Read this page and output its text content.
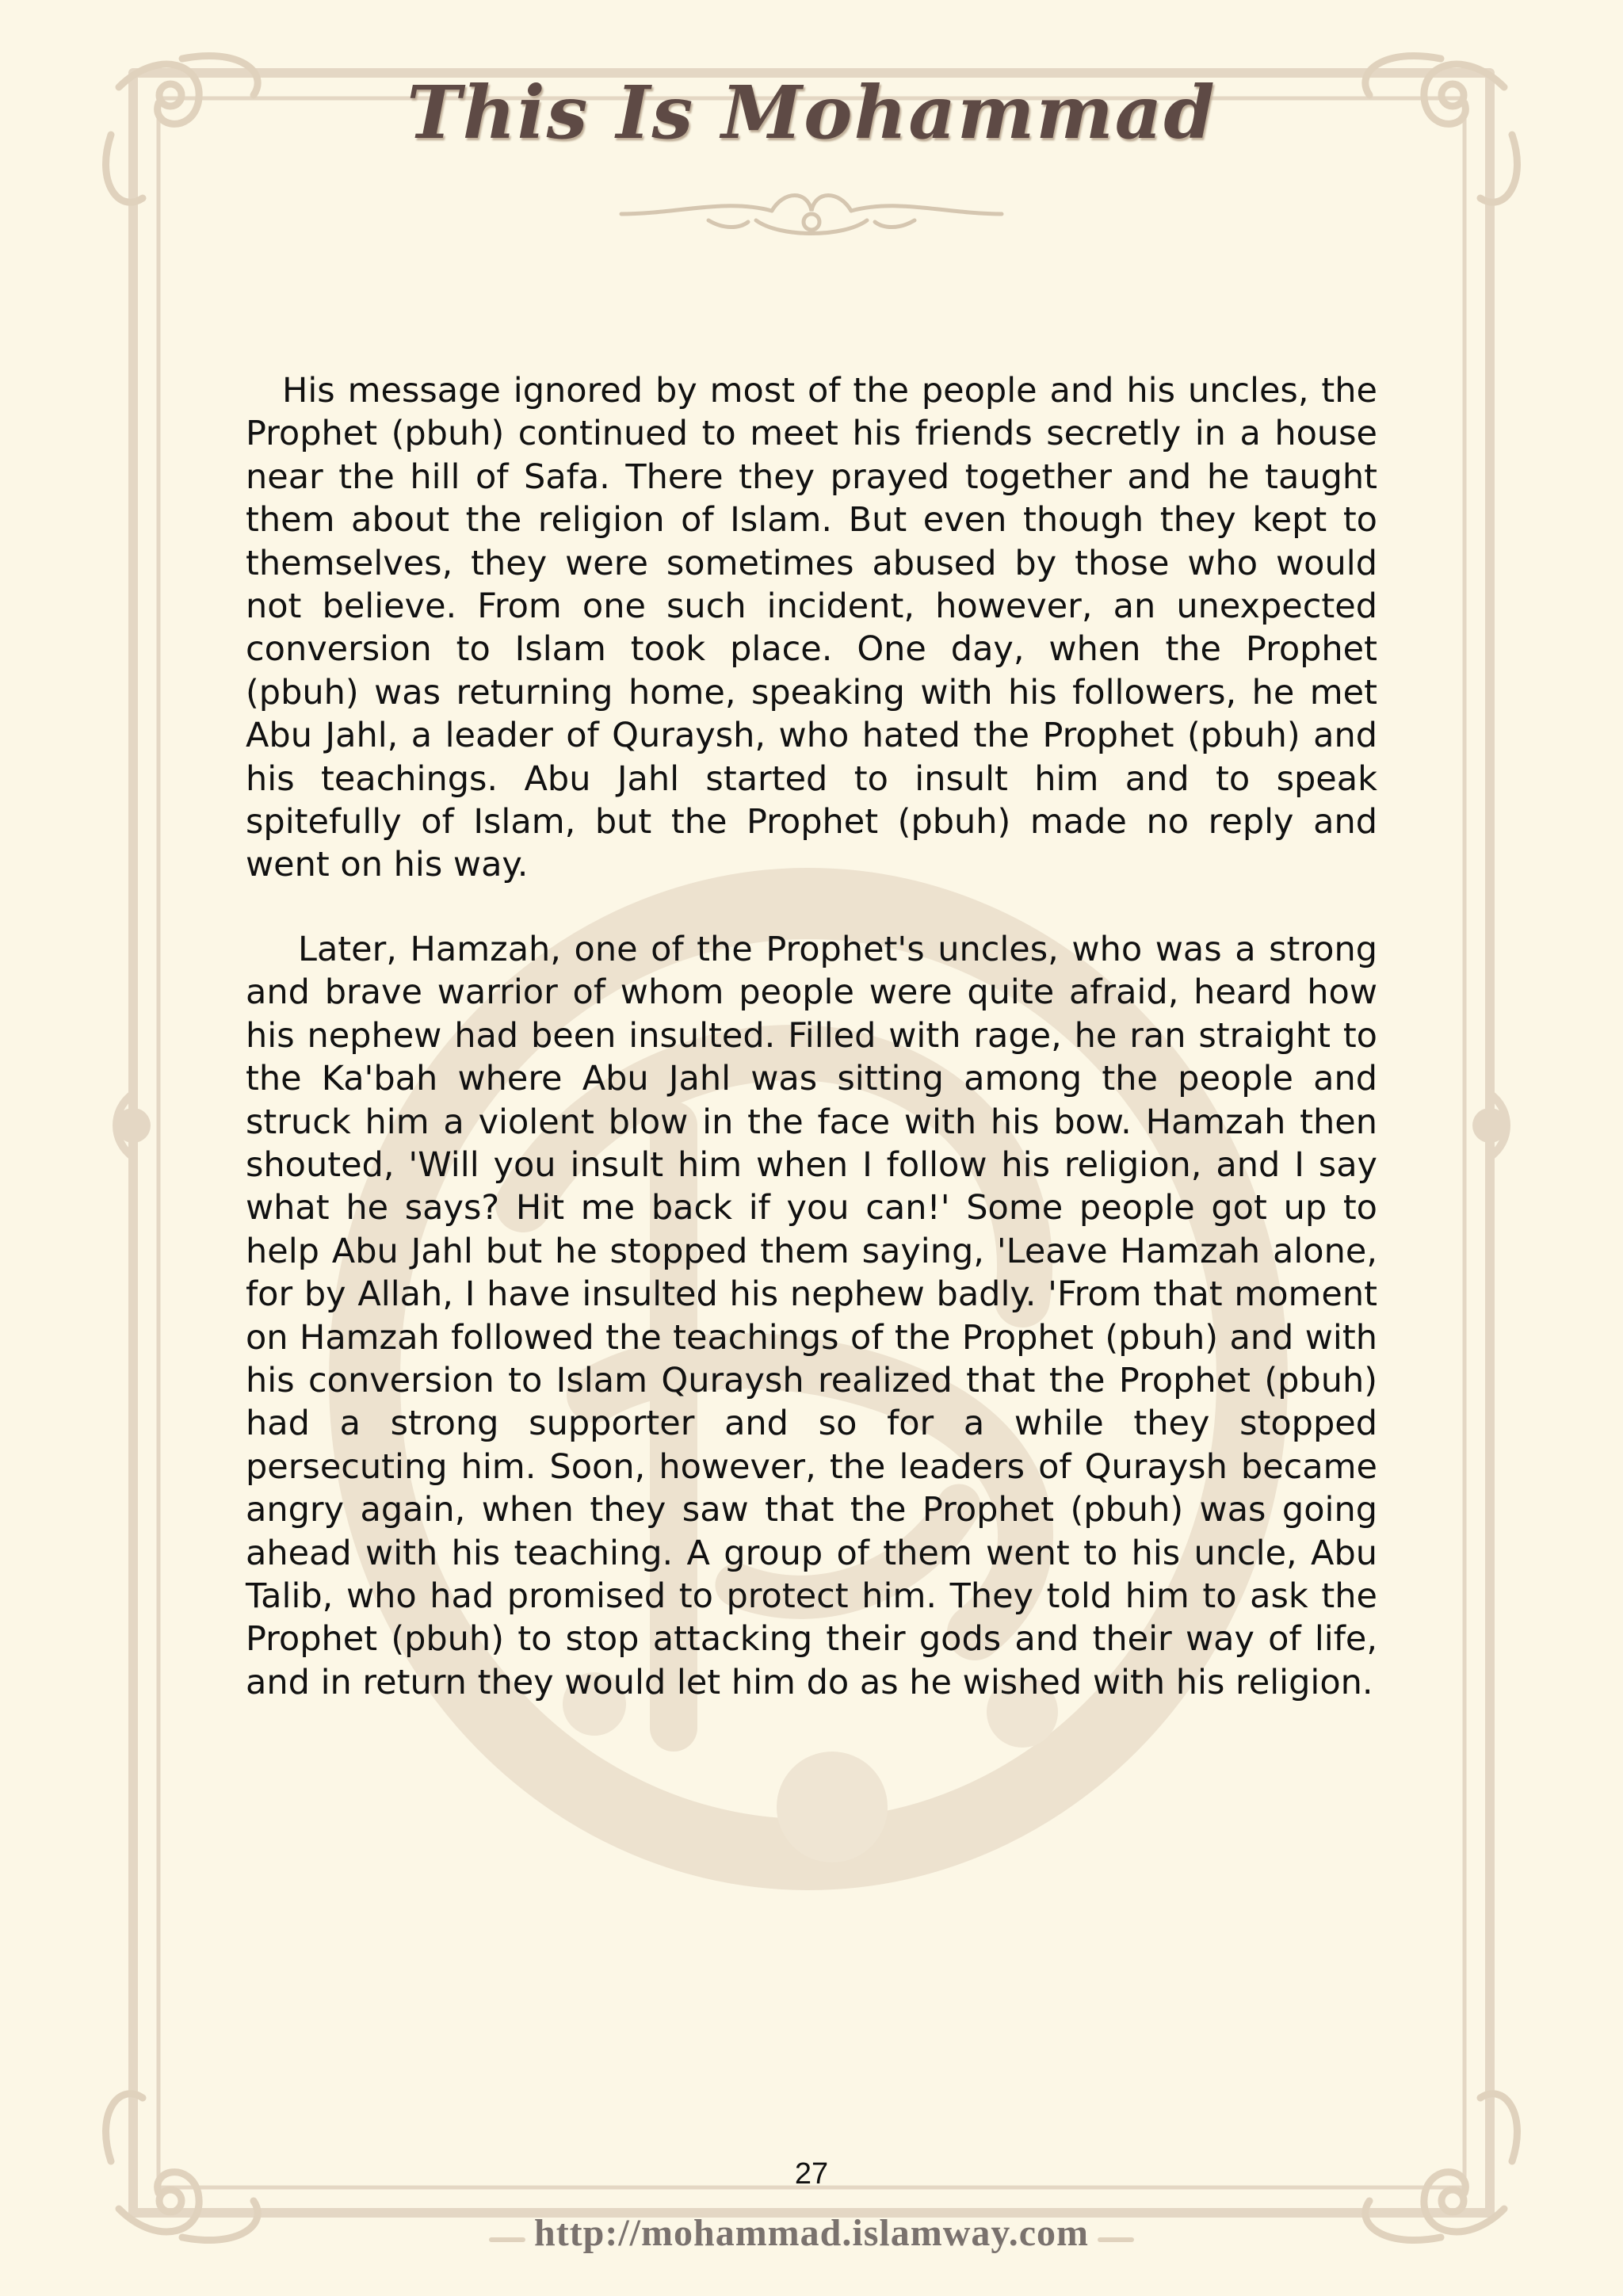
This Is Mohammad

His message ignored by most of the people and his uncles, the Prophet (pbuh) continued to meet his friends secretly in a house near the hill of Safa. There they prayed together and he taught them about the religion of Islam. But even though they kept to themselves, they were sometimes abused by those who would not believe. From one such incident, however, an unexpected conversion to Islam took place. One day, when the Prophet (pbuh) was returning home, speaking with his followers, he met Abu Jahl, a leader of Quraysh, who hated the Prophet (pbuh) and his teachings. Abu Jahl started to insult him and to speak spitefully of Islam, but the Prophet (pbuh) made no reply and went on his way.

Later, Hamzah, one of the Prophet's uncles, who was a strong and brave warrior of whom people were quite afraid, heard how his nephew had been insulted. Filled with rage, he ran straight to the Ka'bah where Abu Jahl was sitting among the people and struck him a violent blow in the face with his bow. Hamzah then shouted, 'Will you insult him when I follow his religion, and I say what he says? Hit me back if you can!' Some people got up to help Abu Jahl but he stopped them saying, 'Leave Hamzah alone, for by Allah, I have insulted his nephew badly. 'From that moment on Hamzah followed the teachings of the Prophet (pbuh) and with his conversion to Islam Quraysh realized that the Prophet (pbuh) had a strong supporter and so for a while they stopped persecuting him. Soon, however, the leaders of Quraysh became angry again, when they saw that the Prophet (pbuh) was going ahead with his teaching. A group of them went to his uncle, Abu Talib, who had promised to protect him. They told him to ask the Prophet (pbuh) to stop attacking their gods and their way of life, and in return they would let him do as he wished with his religion.

27
http://mohammad.islamway.com
